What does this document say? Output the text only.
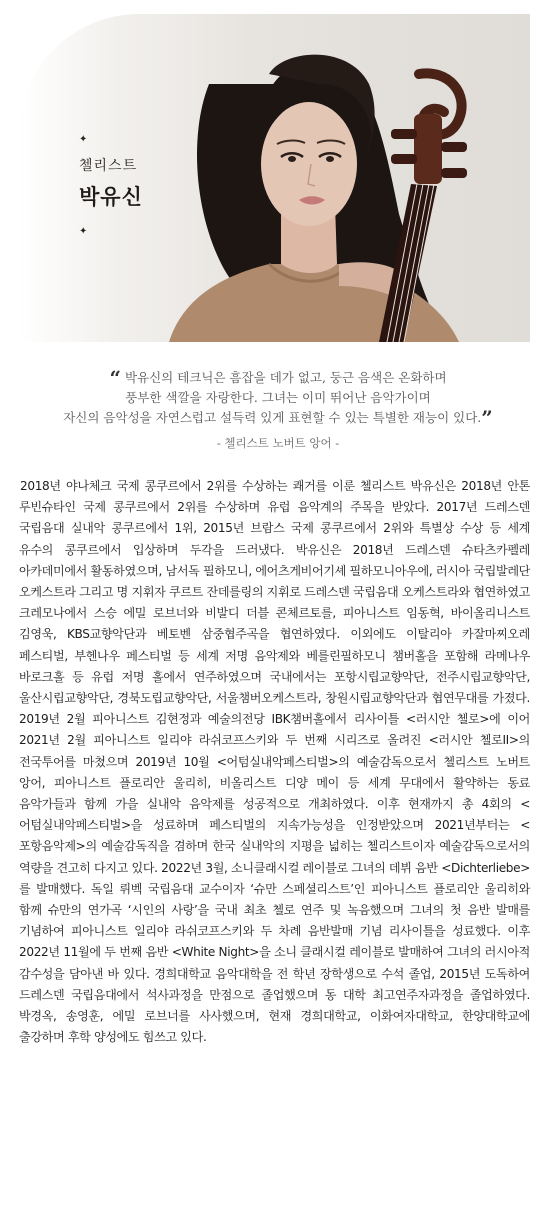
✦
첼리스트
박유신
✦
“ 박유신의 테크닉은 흠잡을 데가 없고, 둥근 음색은 온화하며
풍부한 색깔을 자랑한다. 그녀는 이미 뛰어난 음악가이며
자신의 음악성을 자연스럽고 설득력 있게 표현할 수 있는 특별한 재능이 있다.”
- 첼리스트 노버트 앙어 -
2018년 야나체크 국제 콩쿠르에서 2위를 수상하는 쾌거를 이룬 첼리스트 박유신은 2018년 안톤 루빈슈타인 국제 콩쿠르에서 2위를 수상하며 유럽 음악계의 주목을 받았다. 2017년 드레스덴 국립음대 실내악 콩쿠르에서 1위, 2015년 브람스 국제 콩쿠르에서 2위와 특별상 수상 등 세계 유수의 콩쿠르에서 입상하며 두각을 드러냈다. 박유신은 2018년 드레스덴 슈타츠카펠레 아카데미에서 활동하였으며, 남서독 필하모니, 에어츠게비어기셰 필하모니아우에, 러시아 국립발레단 오케스트라 그리고 명 지휘자 쿠르트 잔데를링의 지휘로 드레스덴 국립음대 오케스트라와 협연하였고 크레모나에서 스승 에밀 로브너와 비발디 더블 콘체르토를, 피아니스트 임동혁, 바이올리니스트 김영욱, KBS교향악단과 베토벤 삼중협주곡을 협연하였다. 이외에도 이탈리아 카잘마찌오레 페스티벌, 부헨나우 페스티벌 등 세계 저명 음악제와 베를린필하모니 챔버홀을 포함해 라메나우 바로크홀 등 유럽 저명 홀에서 연주하였으며 국내에서는 포항시립교향악단, 전주시립교향악단, 울산시립교향악단, 경북도립교향악단, 서울챔버오케스트라, 창원시립교향악단과 협연무대를 가졌다. 2019년 2월 피아니스트 김현정과 예술의전당 IBK챔버홀에서 리사이틀 <러시안 첼로>에 이어 2021년 2월 피아니스트 일리야 라쉬코프스키와 두 번째 시리즈로 올려진 <러시안 첼로II>의 전국투어를 마쳤으며 2019년 10월 <어텀실내악페스티벌>의 예술감독으로서 첼리스트 노버트 앙어, 피아니스트 플로리안 울리히, 비올리스트 디양 메이 등 세계 무대에서 활약하는 동료 음악가들과 함께 가을 실내악 음악제를 성공적으로 개최하였다. 이후 현재까지 총 4회의 <어텀실내악페스티벌>을 성료하며 페스티벌의 지속가능성을 인정받았으며 2021년부터는 <포항음악제>의 예술감독직을 겸하며 한국 실내악의 지평을 넓히는 첼리스트이자 예술감독으로서의 역량을 견고히 다지고 있다. 2022년 3월, 소니클래시컬 레이블로 그녀의 데뷔 음반 <Dichterliebe>를 발매했다. 독일 뤼벡 국립음대 교수이자 ‘슈만 스페셜리스트’인 피아니스트 플로리안 울리히와 함께 슈만의 연가곡 ‘시인의 사랑’을 국내 최초 첼로 연주 및 녹음했으며 그녀의 첫 음반 발매를 기념하여 피아니스트 일리야 라쉬코프스키와 두 차례 음반발매 기념 리사이틀을 성료했다. 이후 2022년 11월에 두 번째 음반 <White Night>을 소니 클래시컬 레이블로 발매하여 그녀의 러시아적 감수성을 담아낸 바 있다. 경희대학교 음악대학을 전 학년 장학생으로 수석 졸업, 2015년 도독하여 드레스덴 국립음대에서 석사과정을 만점으로 졸업했으며 동 대학 최고연주자과정을 졸업하였다. 박경옥, 송영훈, 에밀 로브너를 사사했으며, 현재 경희대학교, 이화여자대학교, 한양대학교에 출강하며 후학 양성에도 힘쓰고 있다.
